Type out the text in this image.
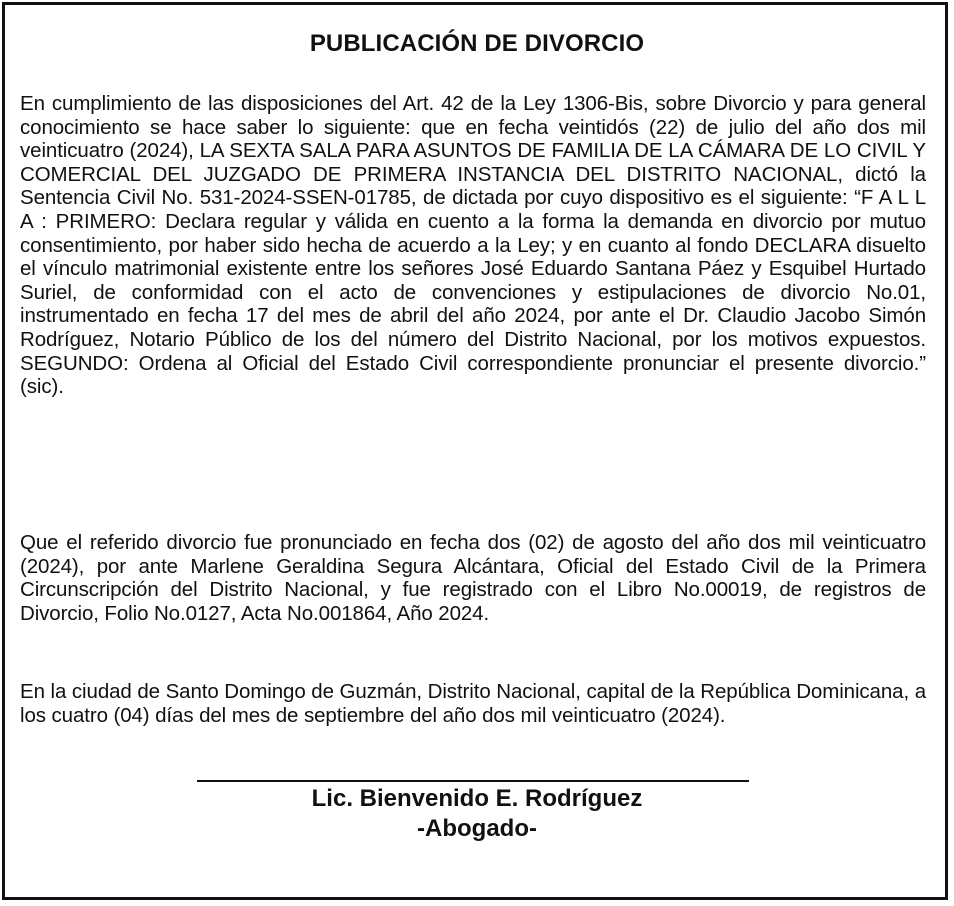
PUBLICACIÓN DE DIVORCIO
En cumplimiento de las disposiciones del Art. 42 de la Ley 1306-Bis, sobre Divorcio y para general conocimiento se hace saber lo siguiente: que en fecha veintidós (22) de julio del año dos mil veinticuatro (2024), LA SEXTA SALA PARA ASUNTOS DE FAMILIA DE LA CÁMARA DE LO CIVIL Y COMERCIAL DEL JUZGADO DE PRIMERA INSTANCIA DEL DISTRITO NACIONAL, dictó la Sentencia Civil No. 531-2024-SSEN-01785, de dictada por cuyo dispositivo es el siguiente: “F A L L A : PRIMERO: Declara regular y válida en cuento a la forma la demanda en divorcio por mutuo consentimiento, por haber sido hecha de acuerdo a la Ley; y en cuanto al fondo DECLARA disuelto el vínculo matrimonial existente entre los señores José Eduardo Santana Páez y Esquibel Hurtado Suriel, de conformidad con el acto de convenciones y estipulaciones de divorcio No.01, instrumentado en fecha 17 del mes de abril del año 2024, por ante el Dr. Claudio Jacobo Simón Rodríguez, Notario Público de los del número del Distrito Nacional, por los motivos expuestos. SEGUNDO: Ordena al Oficial del Estado Civil correspondiente pronunciar el presente divorcio.” (sic).
Que el referido divorcio fue pronunciado en fecha dos (02) de agosto del año dos mil veinticuatro (2024), por ante Marlene Geraldina Segura Alcántara, Oficial del Estado Civil de la Primera Circunscripción del Distrito Nacional, y fue registrado con el Libro No.00019, de registros de Divorcio, Folio No.0127, Acta No.001864, Año 2024.
En la ciudad de Santo Domingo de Guzmán, Distrito Nacional, capital de la República Dominicana, a los cuatro (04) días del mes de septiembre del año dos mil veinticuatro (2024).
Lic. Bienvenido E. Rodríguez
-Abogado-
